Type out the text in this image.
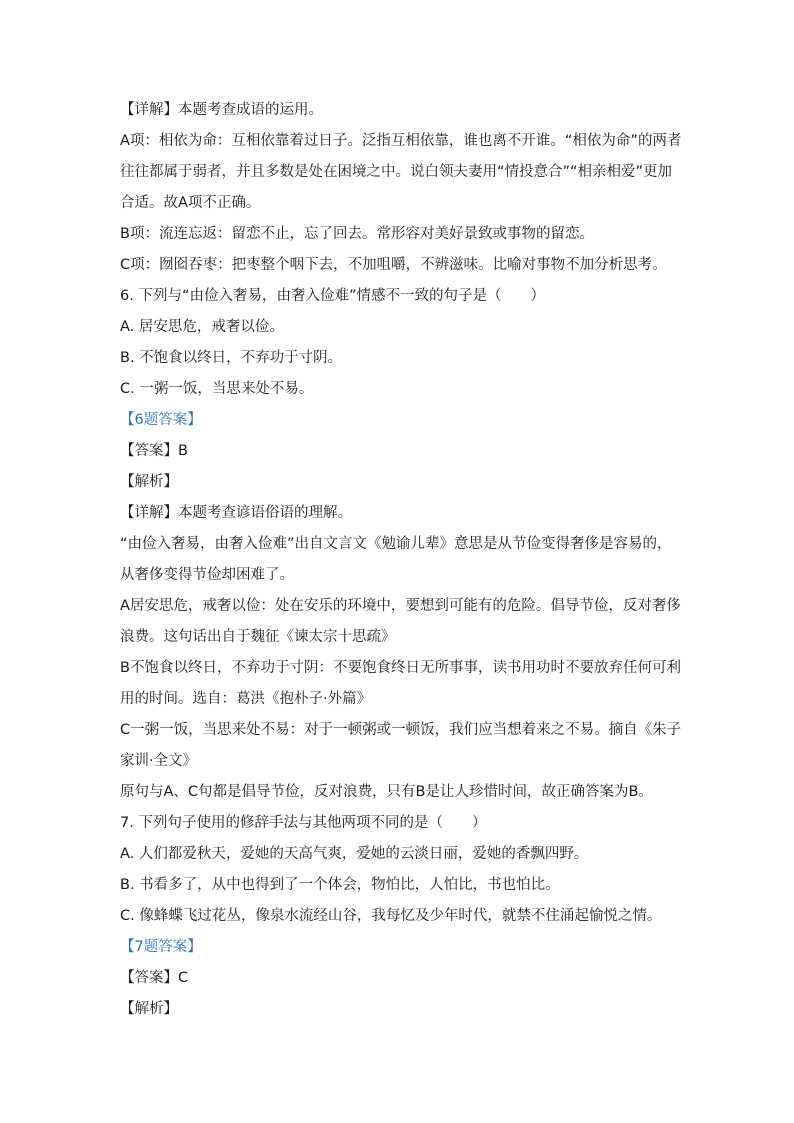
【详解】本题考查成语的运用。

A项：相依为命：互相依靠着过日子。泛指互相依靠，谁也离不开谁。“相依为命”的两者

往往都属于弱者，并且多数是处在困境之中。说白领夫妻用“情投意合”“相亲相爱”更加

合适。故A项不正确。

B项：流连忘返：留恋不止，忘了回去。常形容对美好景致或事物的留恋。

C项：囫囵吞枣：把枣整个咽下去，不加咀嚼，不辨滋味。比喻对事物不加分析思考。

6. 下列与“由俭入奢易，由奢入俭难”情感不一致的句子是（　　）

A. 居安思危，戒奢以俭。

B. 不饱食以终日，不弃功于寸阴。

C. 一粥一饭，当思来处不易。

【6题答案】

【答案】B

【解析】

【详解】本题考查谚语俗语的理解。

“由俭入奢易，由奢入俭难”出自文言文《勉谕儿辈》意思是从节俭变得奢侈是容易的，

从奢侈变得节俭却困难了。

A居安思危，戒奢以俭：处在安乐的环境中，要想到可能有的危险。倡导节俭，反对奢侈

浪费。这句话出自于魏征《谏太宗十思疏》

B不饱食以终日，不弃功于寸阴：不要饱食终日无所事事，读书用功时不要放弃任何可利

用的时间。选自：葛洪《抱朴子·外篇》

C一粥一饭，当思来处不易：对于一顿粥或一顿饭，我们应当想着来之不易。摘自《朱子

家训·全文》

原句与A、C句都是倡导节俭，反对浪费，只有B是让人珍惜时间，故正确答案为B。

7. 下列句子使用的修辞手法与其他两项不同的是（　　）

A. 人们都爱秋天，爱她的天高气爽，爱她的云淡日丽，爱她的香飘四野。

B. 书看多了，从中也得到了一个体会，物怕比，人怕比，书也怕比。

C. 像蜂蝶飞过花丛，像泉水流经山谷，我每忆及少年时代，就禁不住涌起愉悦之情。

【7题答案】

【答案】C

【解析】
